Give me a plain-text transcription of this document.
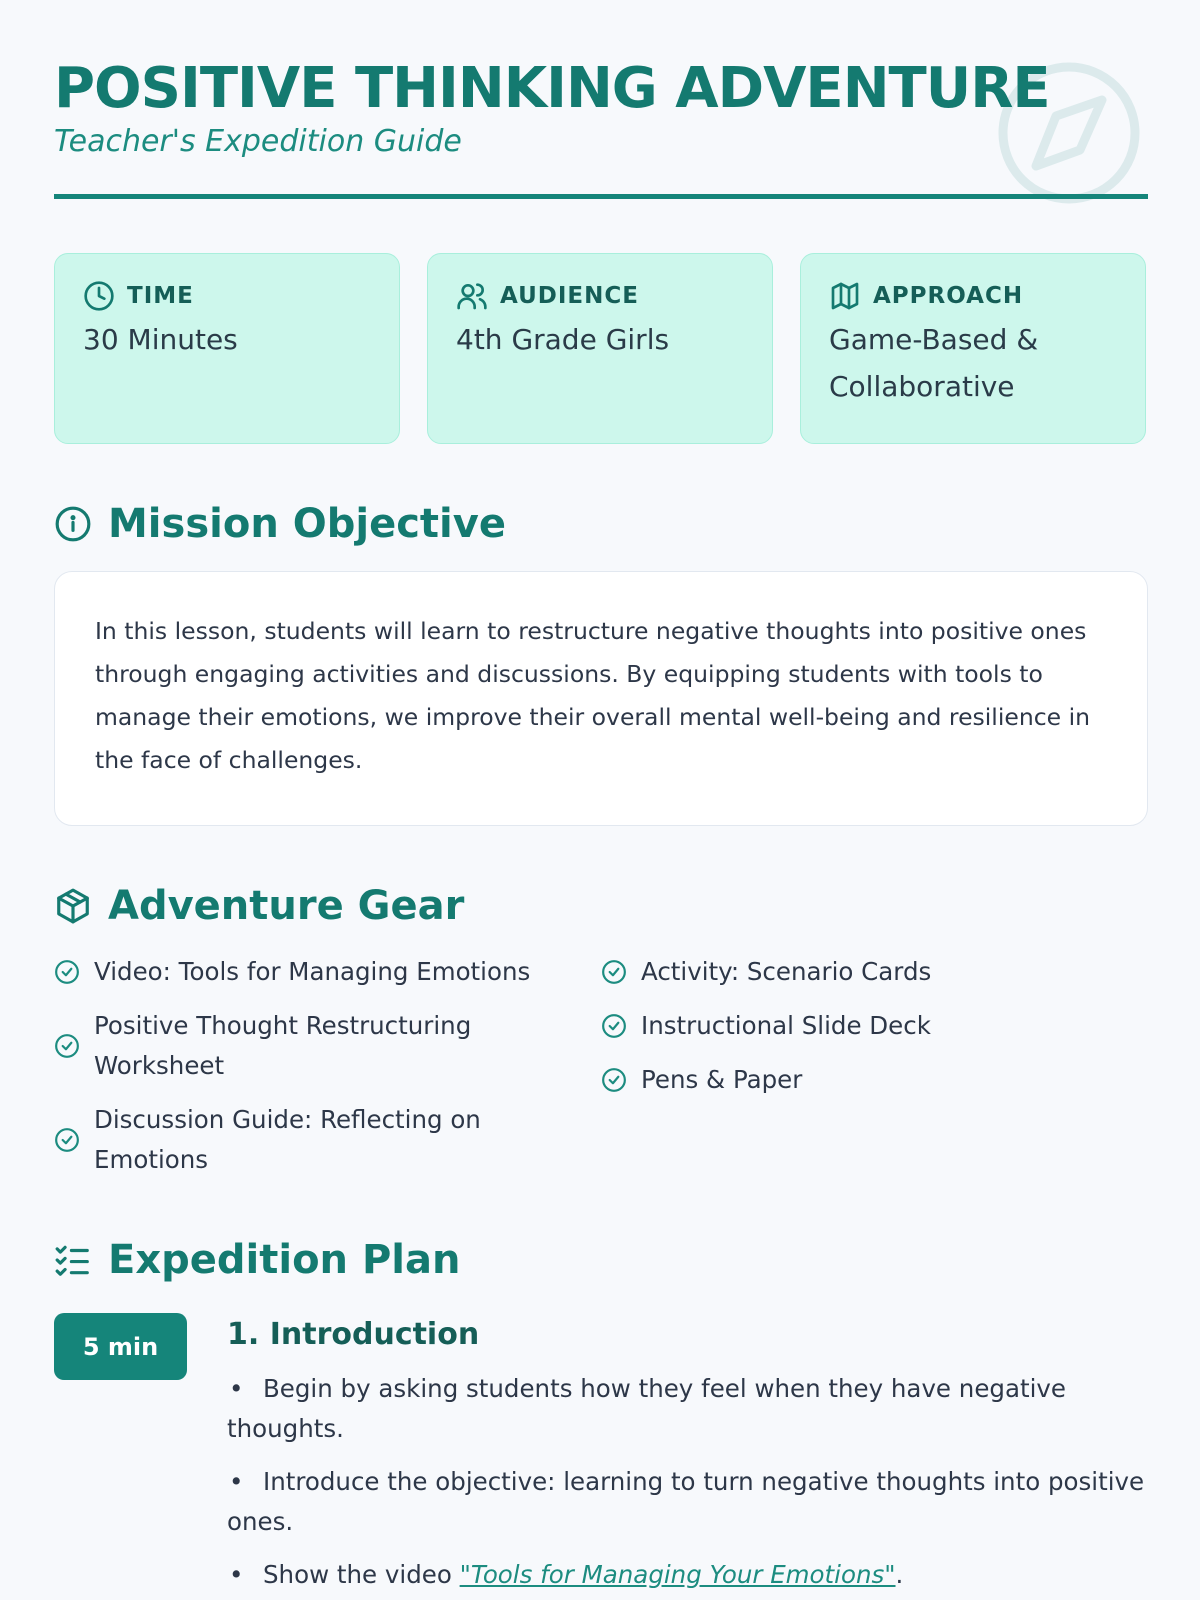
POSITIVE THINKING ADVENTURE
Teacher's Expedition Guide
TIME
30 Minutes
AUDIENCE
4th Grade Girls
APPROACH
Game-Based & Collaborative
Mission Objective

In this lesson, students will learn to restructure negative thoughts into positive ones through engaging activities and discussions. By equipping students with tools to manage their emotions, we improve their overall mental well-being and resilience in the face of challenges.

Adventure Gear
Video: Tools for Managing Emotions
Positive Thought Restructuring Worksheet
Discussion Guide: Reflecting on Emotions
Activity: Scenario Cards
Instructional Slide Deck
Pens & Paper
Expedition Plan
5 min	1. Introduction
• Begin by asking students how they feel when they have negative thoughts.
• Introduce the objective: learning to turn negative thoughts into positive ones.
• Show the video "Tools for Managing Your Emotions".
